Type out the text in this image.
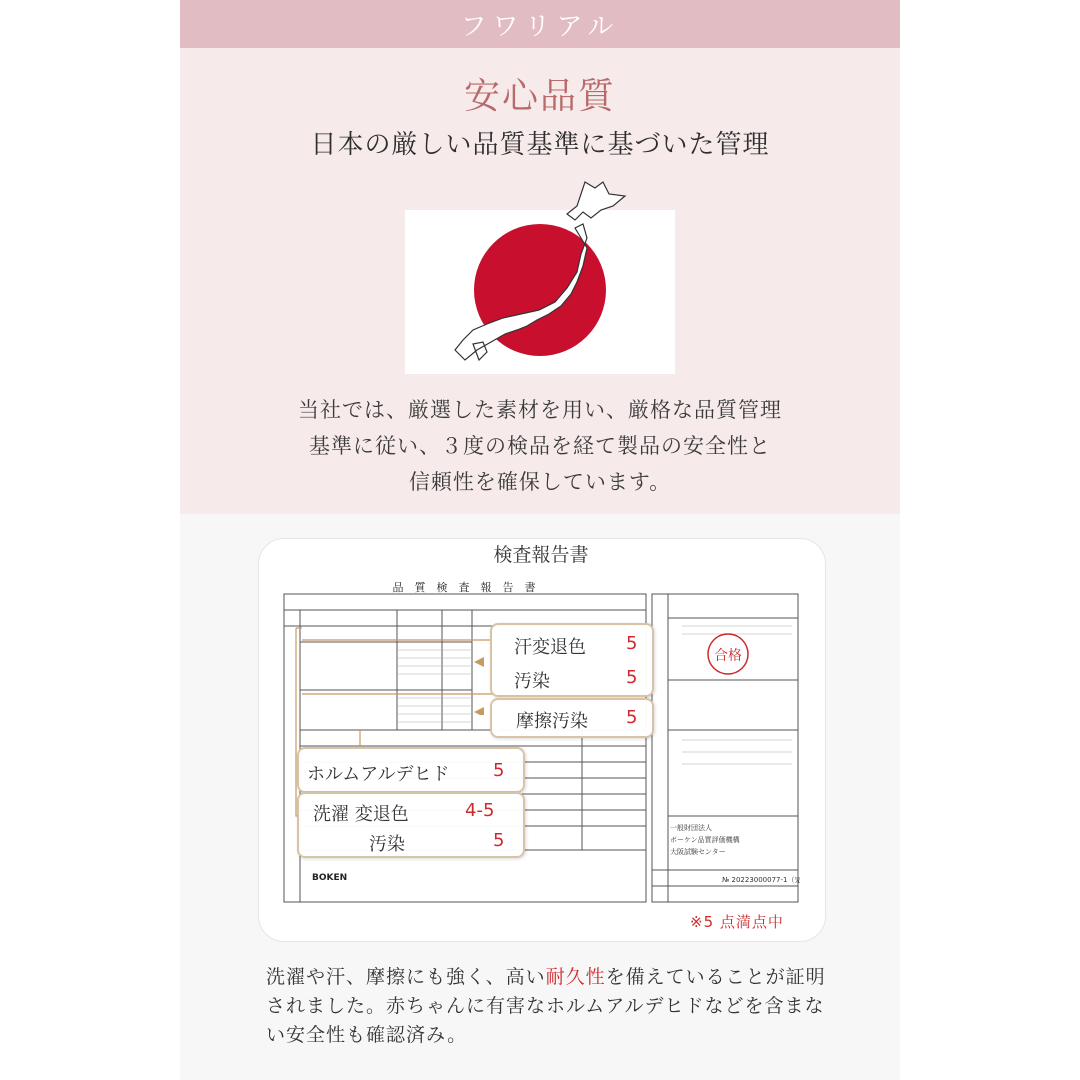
フワリアル
安心品質
日本の厳しい品質基準に基づいた管理
当社では、厳選した素材を用い、厳格な品質管理
基準に従い、３度の検品を経て製品の安全性と
信頼性を確保しています。
検査報告書
品　質　検　査　報　告　書
合格
一般財団法人
ボーケン品質評価機構
大阪試験センター
№ 20223000077-1（完）
BOKEN
汗変退色 5
汚染	5
摩擦汚染 5
ホルムアルデヒド 5
洗濯 変退色	4-5
汚染	5
※5 点満点中
洗濯や汗、摩擦にも強く、高い耐久性を備えていることが証明されました。赤ちゃんに有害なホルムアルデヒドなどを含まない安全性も確認済み。
